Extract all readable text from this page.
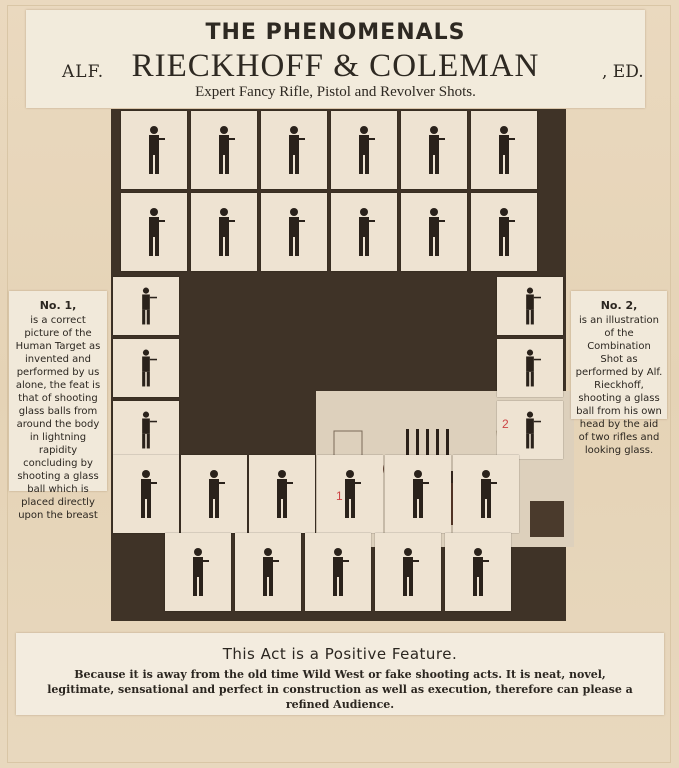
THE PHENOMENALS
ALF. RIECKHOFF & COLEMAN	, ED.
Expert Fancy Rifle, Pistol and Revolver Shots.
2
1
No. 1,
is a correct picture of the Human Target as invented and performed by us alone, the feat is that of shooting glass balls from around the body in lightning rapidity concluding by shooting a glass ball which is placed directly upon the breast
No. 2,
is an illustration of the Combination Shot as performed by Alf. Rieckhoff, shooting a glass ball from his own head by the aid of two rifles and looking glass.
This Act is a Positive Feature.
Because it is away from the old time Wild West or fake shooting acts. It is neat, novel, legitimate, sensational and perfect in construction as well as execution, therefore can please a refined Audience.
